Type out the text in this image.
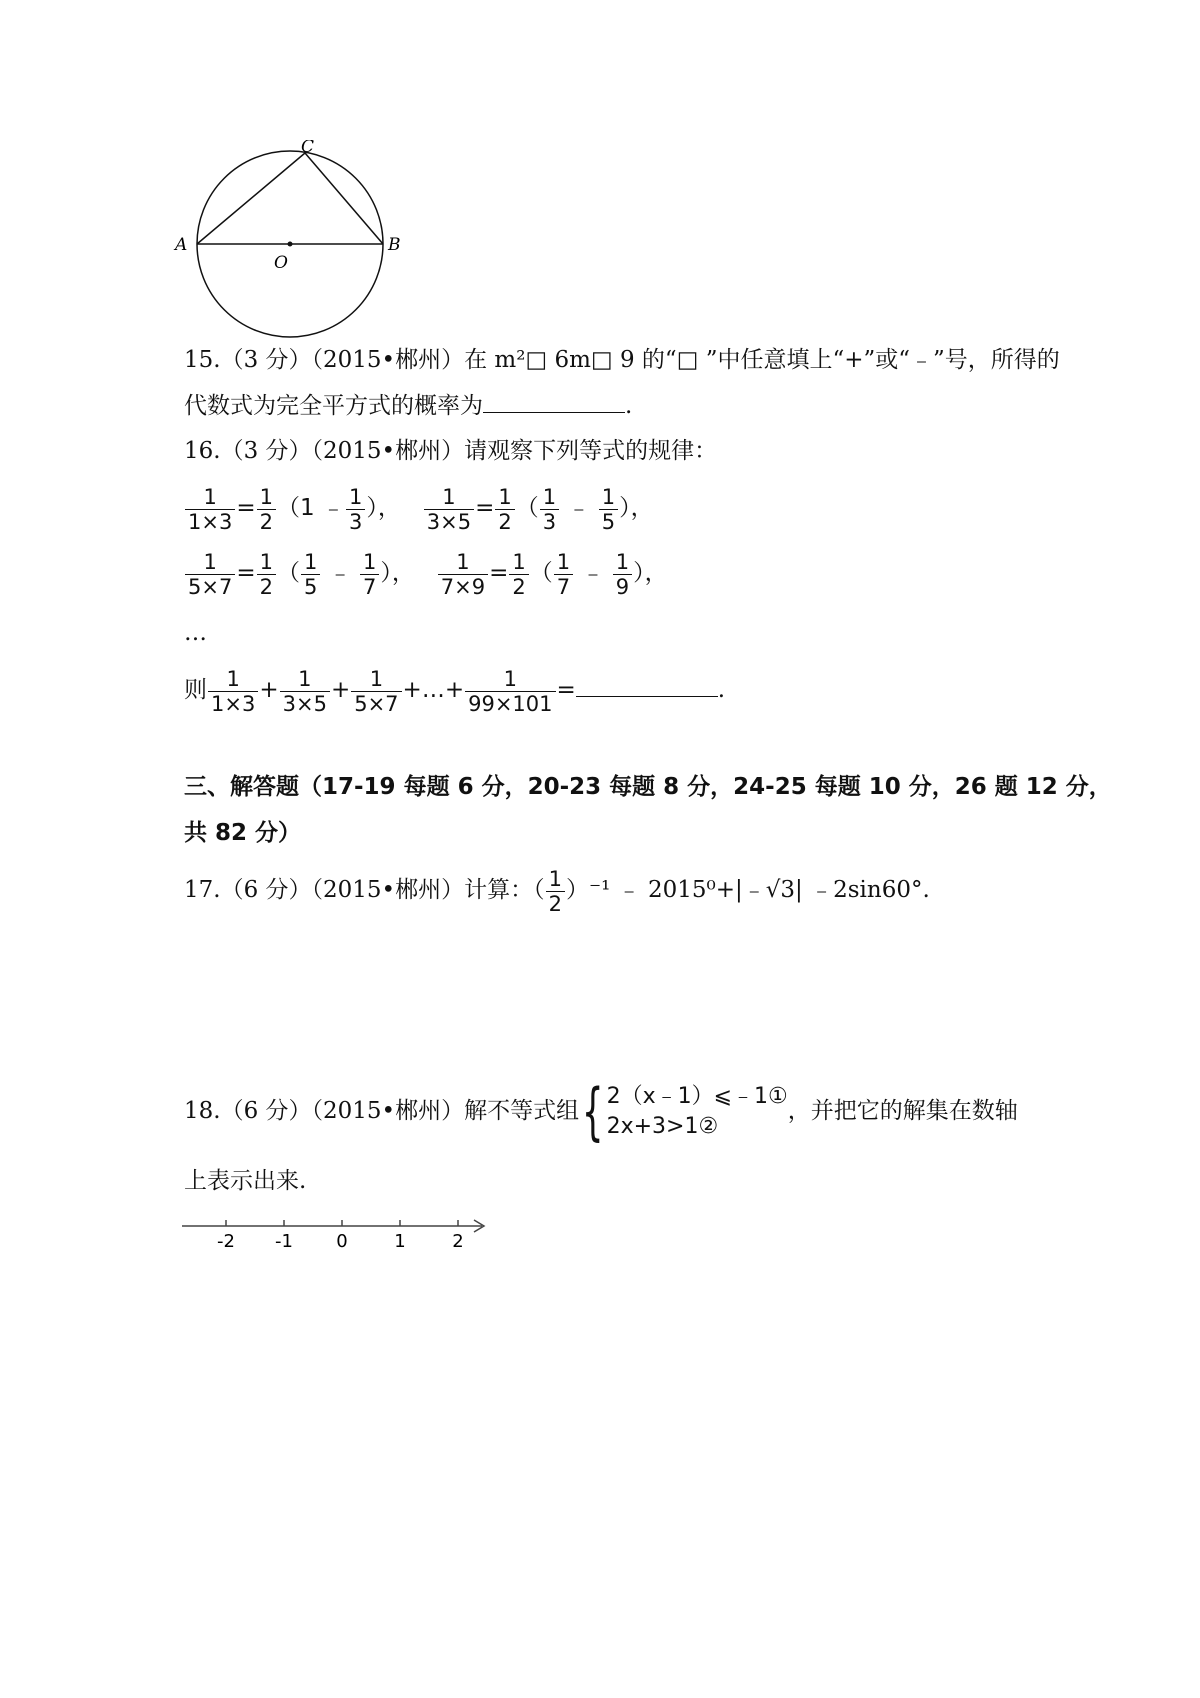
C
A	B
O
15.（3 分）（2015•郴州）在 m²□ 6m□ 9 的“□ ”中任意填上“+”或“﹣”号，所得的
代数式为完全平方式的概率为	.
16.（3 分）（2015•郴州）请观察下列等式的规律：
$\frac{1}{1\times 3} = \frac{1}{2} (1$ ﹣ $\frac{1}{3}$ ）， $\frac{1}{3\times 5} = \frac{1}{2}$ （ $\frac{1}{3}$ ﹣ $\frac{1}{5}$ ），
$\frac{1}{5\times 7} = \frac{1}{2}$ （ $\frac{1}{5}$ ﹣ $\frac{1}{7}$ ）， $\frac{1}{7\times 9} = \frac{1}{2}$ （ $\frac{1}{7}$ ﹣ $\frac{1}{9}$ ），
…
则 $\frac{1}{1\times 3} + \frac{1}{3\times 5} + \frac{1}{5\times 7}$ +…+ $\frac{1}{99\times 101}$ =	.
三、解答题（17-19 每题 6 分，20-23 每题 8 分，24-25 每题 10 分，26 题 12 分，
共 82 分）
17.（6 分）（2015•郴州）计算：（ $\frac{1}{2} )^{-1}$ ﹣ 2015⁰+|﹣√3| ﹣2sin60°.
18.（6 分）（2015•郴州）解不等式组{ 2（x﹣1）⩽﹣1①
2x+3>1②
，并把它的解集在数轴
上表示出来.
-2 -1 0	1	2
